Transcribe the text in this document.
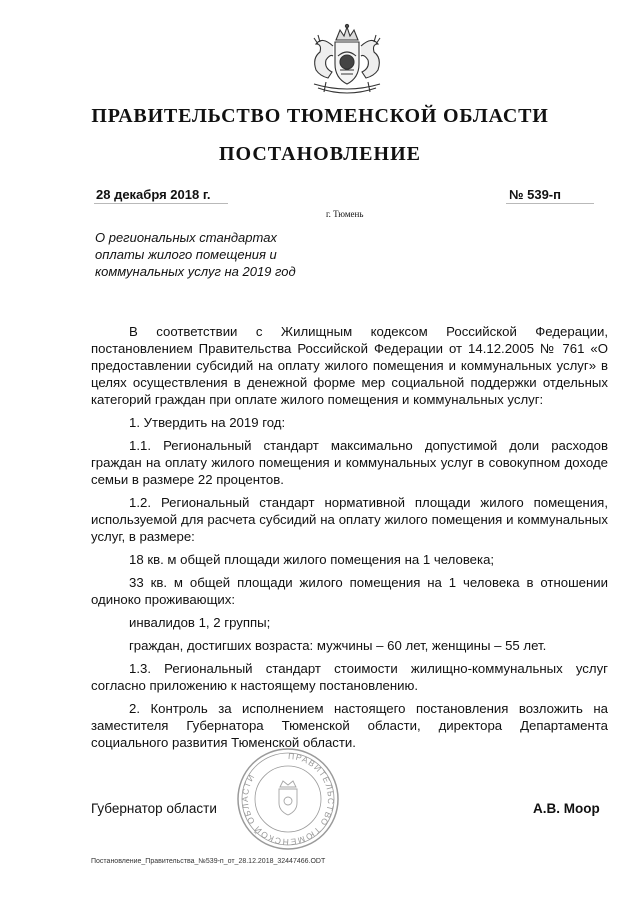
ПРАВИТЕЛЬСТВО ТЮМЕНСКОЙ ОБЛАСТИ
ПОСТАНОВЛЕНИЕ
28 декабря 2018 г.	№ 539-п
г. Тюмень
О региональных стандартах
оплаты жилого помещения и
коммунальных услуг на 2019 год

В соответствии с Жилищным кодексом Российской Федерации, постановлением Правительства Российской Федерации от 14.12.2005 № 761 «О предоставлении субсидий на оплату жилого помещения и коммунальных услуг» в целях осуществления в денежной форме мер социальной поддержки отдельных категорий граждан при оплате жилого помещения и коммунальных услуг:

1. Утвердить на 2019 год:

1.1. Региональный стандарт максимально допустимой доли расходов граждан на оплату жилого помещения и коммунальных услуг в совокупном доходе семьи в размере 22 процентов.

1.2. Региональный стандарт нормативной площади жилого помещения, используемой для расчета субсидий на оплату жилого помещения и коммунальных услуг, в размере:

18 кв. м общей площади жилого помещения на 1 человека;

33 кв. м общей площади жилого помещения на 1 человека в отношении одиноко проживающих:

инвалидов 1, 2 группы;

граждан, достигших возраста: мужчины – 60 лет, женщины – 55 лет.

1.3. Региональный стандарт стоимости жилищно-коммунальных услуг согласно приложению к настоящему постановлению.

2. Контроль за исполнением настоящего постановления возложить на заместителя Губернатора Тюменской области, директора Департамента социального развития Тюменской области.

ПРАВИТЕЛЬСТВО ТЮМЕНСКОЙ ОБЛАСТИ
Губернатор области	А.В. Моор
Постановление_Правительства_№539-п_от_28.12.2018_32447466.ODT
